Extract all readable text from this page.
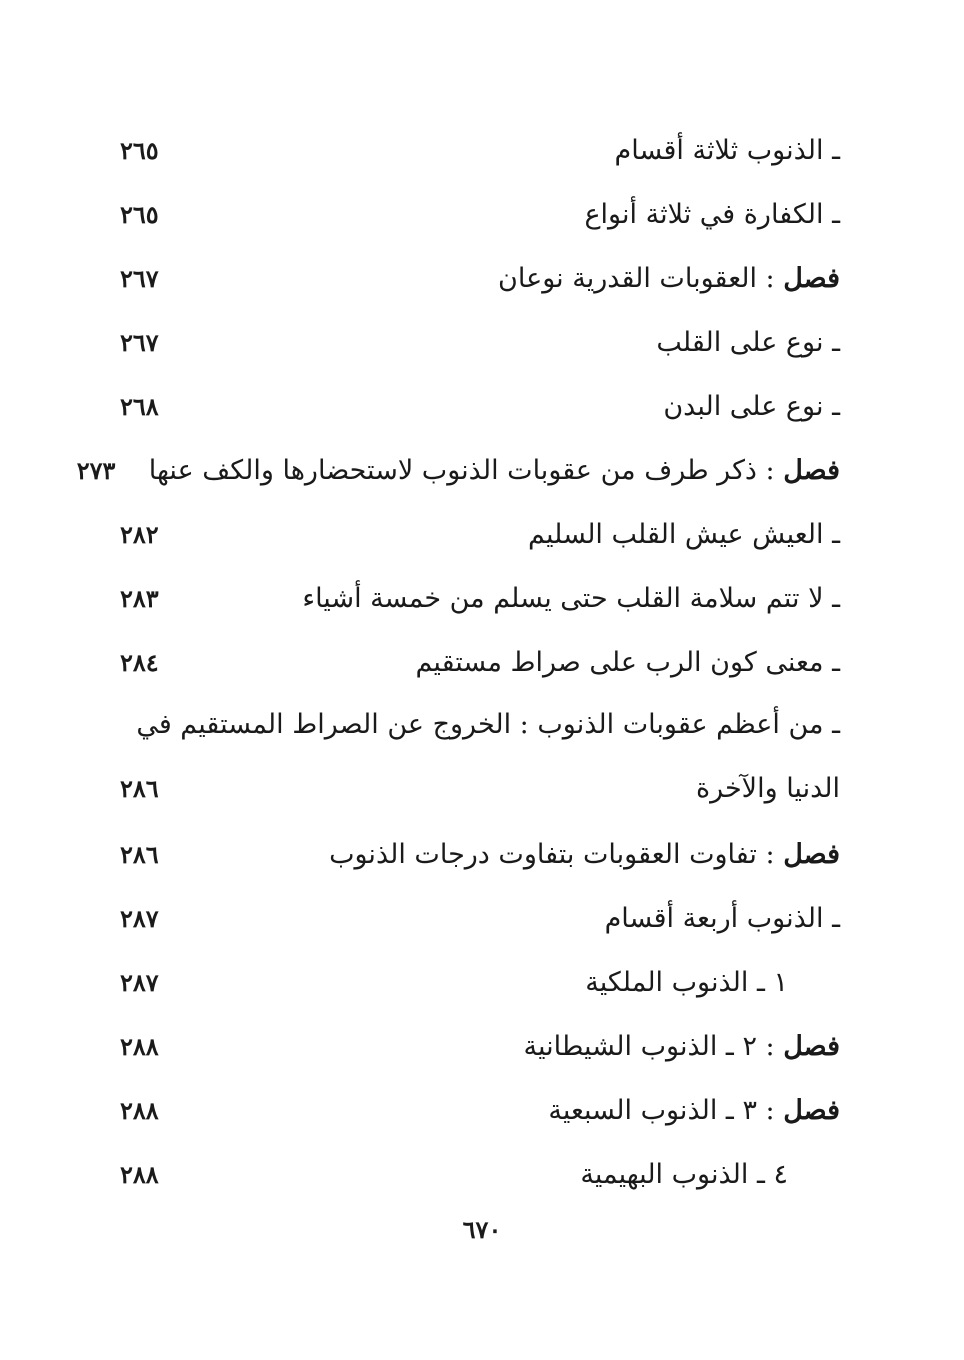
ـ الذنوب ثلاثة أقسام
٢٦٥
ـ الكفارة في ثلاثة أنواع
٢٦٥
فصل : العقوبات القدرية نوعان
٢٦٧
ـ نوع على القلب
٢٦٧
ـ نوع على البدن
٢٦٨
فصل : ذكر طرف من عقوبات الذنوب لاستحضارها والكف عنها
٢٧٣
ـ العيش عيش القلب السليم
٢٨٢
ـ لا تتم سلامة القلب حتى يسلم من خمسة أشياء
٢٨٣
ـ معنى كون الرب على صراط مستقيم
٢٨٤
ـ من أعظم عقوبات الذنوب : الخروج عن الصراط المستقيم في
الدنيا والآخرة
٢٨٦
فصل : تفاوت العقوبات بتفاوت درجات الذنوب
٢٨٦
ـ الذنوب أربعة أقسام
٢٨٧
١ ـ الذنوب الملكية
٢٨٧
فصل : ٢ ـ الذنوب الشيطانية
٢٨٨
فصل : ٣ ـ الذنوب السبعية
٢٨٨
٤ ـ الذنوب البهيمية
٢٨٨
٦٧٠
